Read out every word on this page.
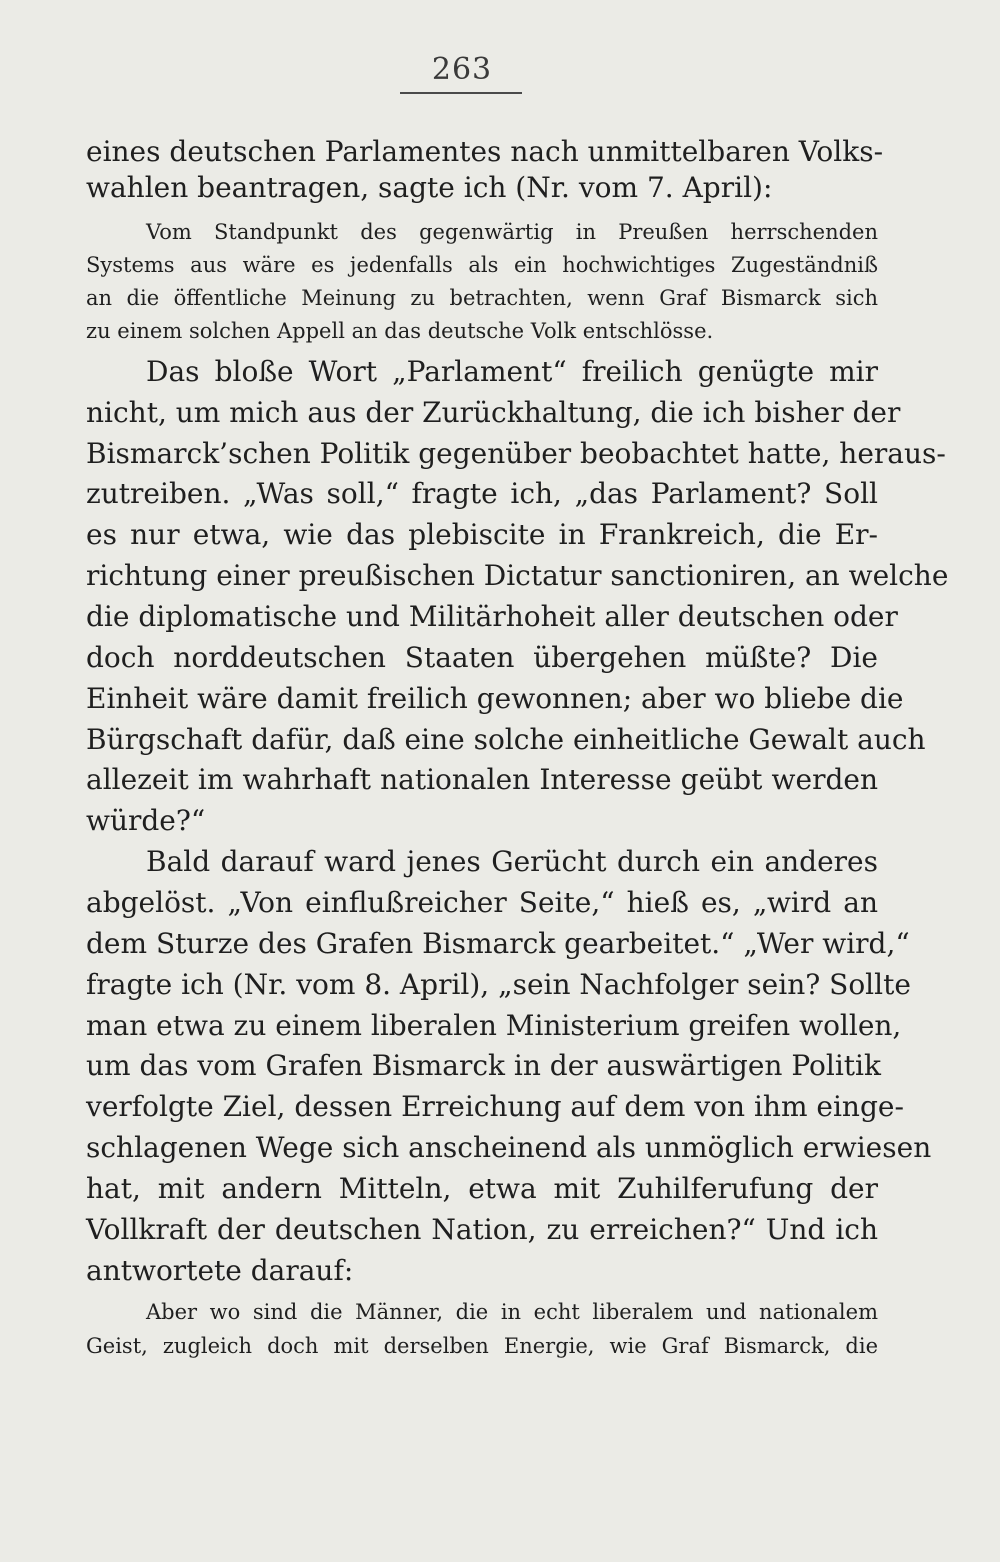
263
eines deutschen Parlamentes nach unmittelbaren Volks-
wahlen beantragen, sagte ich (Nr. vom 7. April):
Vom Standpunkt des gegenwärtig in Preußen herrschenden
Systems aus wäre es jedenfalls als ein hochwichtiges Zugeständniß
an die öffentliche Meinung zu betrachten, wenn Graf Bismarck sich
zu einem solchen Appell an das deutsche Volk entschlösse.
Das bloße Wort „Parlament“ freilich genügte mir
nicht, um mich aus der Zurückhaltung, die ich bisher der
Bismarck’schen Politik gegenüber beobachtet hatte, heraus-
zutreiben. „Was soll,“ fragte ich, „das Parlament? Soll
es nur etwa, wie das plebiscite in Frankreich, die Er-
richtung einer preußischen Dictatur sanctioniren, an welche
die diplomatische und Militärhoheit aller deutschen oder
doch norddeutschen Staaten übergehen müßte? Die
Einheit wäre damit freilich gewonnen; aber wo bliebe die
Bürgschaft dafür, daß eine solche einheitliche Gewalt auch
allezeit im wahrhaft nationalen Interesse geübt werden
würde?“
Bald darauf ward jenes Gerücht durch ein anderes
abgelöst. „Von einflußreicher Seite,“ hieß es, „wird an
dem Sturze des Grafen Bismarck gearbeitet.“ „Wer wird,“
fragte ich (Nr. vom 8. April), „sein Nachfolger sein? Sollte
man etwa zu einem liberalen Ministerium greifen wollen,
um das vom Grafen Bismarck in der auswärtigen Politik
verfolgte Ziel, dessen Erreichung auf dem von ihm einge-
schlagenen Wege sich anscheinend als unmöglich erwiesen
hat, mit andern Mitteln, etwa mit Zuhilferufung der
Vollkraft der deutschen Nation, zu erreichen?“ Und ich
antwortete darauf:
Aber wo sind die Männer, die in echt liberalem und nationalem
Geist, zugleich doch mit derselben Energie, wie Graf Bismarck, die
